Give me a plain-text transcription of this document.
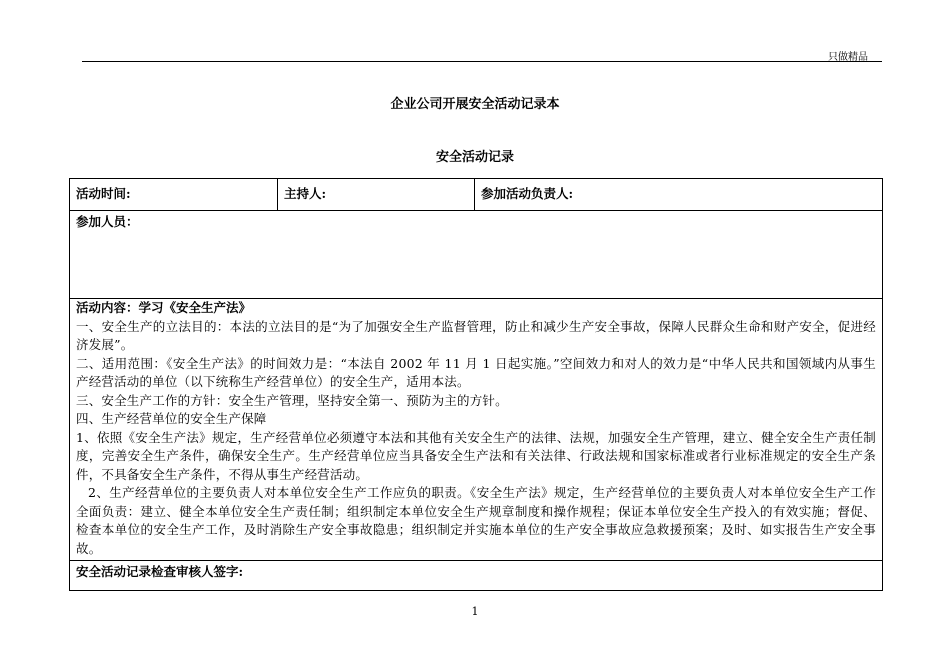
只做精品
企业公司开展安全活动记录本
安全活动记录
活动时间:	主持人:	参加活动负责人:
参加人员：

活动内容：学习《安全生产法》
一、安全生产的立法目的：本法的立法目的是“为了加强安全生产监督管理，防止和减少生产安全事故，保障人民群众生命和财产安全，促进经济发展”。
二、适用范围：《安全生产法》的时间效力是：“本法自 2002 年 11 月 1 日起实施。”空间效力和对人的效力是“中华人民共和国领域内从事生产经营活动的单位（以下统称生产经营单位）的安全生产，适用本法。
三、安全生产工作的方针：安全生产管理，坚持安全第一、预防为主的方针。
四、生产经营单位的安全生产保障
1、依照《安全生产法》规定，生产经营单位必须遵守本法和其他有关安全生产的法律、法规，加强安全生产管理，建立、健全安全生产责任制度，完善安全生产条件，确保安全生产。生产经营单位应当具备安全生产法和有关法律、行政法规和国家标准或者行业标准规定的安全生产条件，不具备安全生产条件，不得从事生产经营活动。
2、生产经营单位的主要负责人对本单位安全生产工作应负的职责。《安全生产法》规定，生产经营单位的主要负责人对本单位安全生产工作全面负责：建立、健全本单位安全生产责任制；组织制定本单位安全生产规章制度和操作规程；保证本单位安全生产投入的有效实施；督促、检查本单位的安全生产工作，及时消除生产安全事故隐患；组织制定并实施本单位的生产安全事故应急救援预案；及时、如实报告生产安全事故。

安全活动记录检查审核人签字:
1
